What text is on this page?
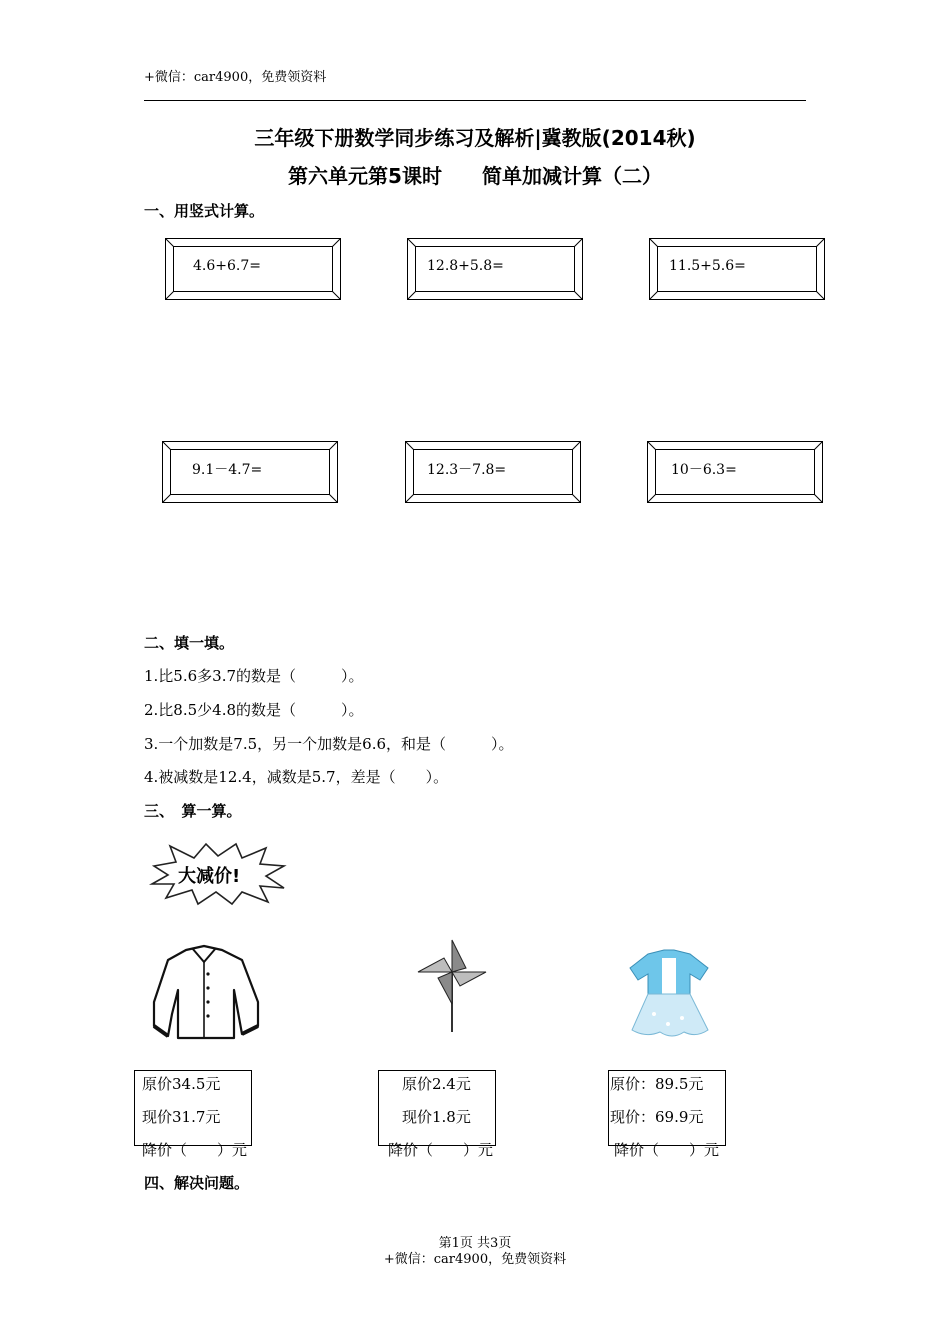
+微信：car4900，免费领资料
三年级下册数学同步练习及解析|冀教版(2014秋)
第六单元第5课时　　简单加减计算（二）
一、用竖式计算。
4.6+6.7=	12.8+5.8=	11.5+5.6=
9.1－4.7=	12.3－7.8=	10－6.3=
二、填一填。
1.比5.6多3.7的数是（　　　）。
2.比8.5少4.8的数是（　　　）。
3.一个加数是7.5，另一个加数是6.6，和是（　　　）。
4.被减数是12.4，减数是5.7，差是（　　）。
三、　算一算。
大减价!
原价34.5元
现价31.7元
降价（　　）元
原价2.4元
现价1.8元
降价（　　）元
原价：89.5元
现价：69.9元
降价（　　）元
四、解决问题。
第1页 共3页
+微信：car4900，免费领资料
